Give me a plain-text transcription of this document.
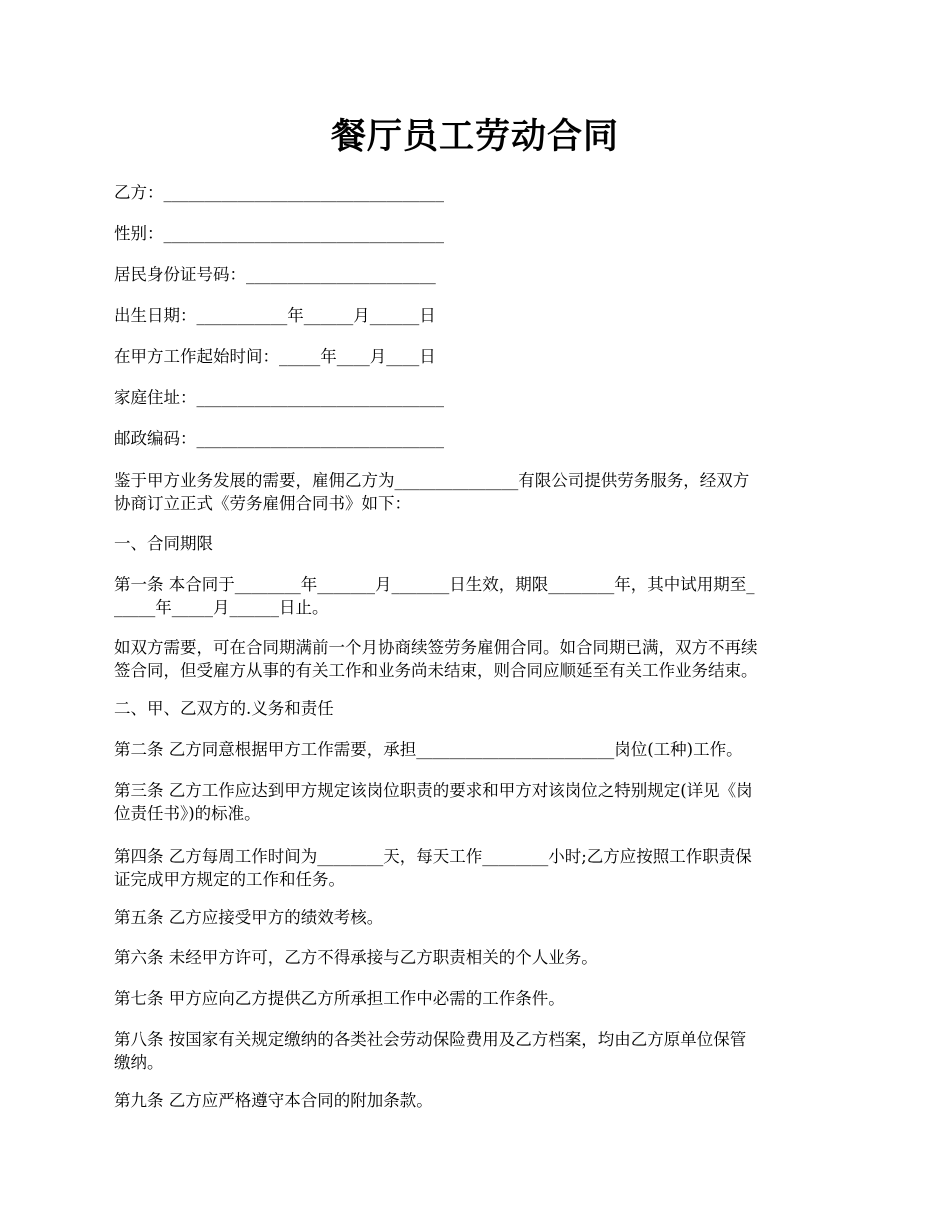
餐厅员工劳动合同
乙方：__________________________________
性别：__________________________________
居民身份证号码：_______________________
出生日期：___________年______月______日
在甲方工作起始时间：_____年____月____日
家庭住址：______________________________
邮政编码：______________________________
鉴于甲方业务发展的需要，雇佣乙方为_______________有限公司提供劳务服务，经双方
协商订立正式《劳务雇佣合同书》如下：
一、合同期限
第一条 本合同于________年_______月_______日生效，期限________年，其中试用期至_
_____年_____月______日止。
如双方需要，可在合同期满前一个月协商续签劳务雇佣合同。如合同期已满，双方不再续
签合同，但受雇方从事的有关工作和业务尚未结束，则合同应顺延至有关工作业务结束。
二、甲、乙双方的.义务和责任
第二条 乙方同意根据甲方工作需要，承担________________________岗位(工种)工作。
第三条 乙方工作应达到甲方规定该岗位职责的要求和甲方对该岗位之特别规定(详见《岗
位责任书》)的标准。
第四条 乙方每周工作时间为________天，每天工作________小时;乙方应按照工作职责保
证完成甲方规定的工作和任务。
第五条 乙方应接受甲方的绩效考核。
第六条 未经甲方许可，乙方不得承接与乙方职责相关的个人业务。
第七条 甲方应向乙方提供乙方所承担工作中必需的工作条件。
第八条 按国家有关规定缴纳的各类社会劳动保险费用及乙方档案，均由乙方原单位保管
缴纳。
第九条 乙方应严格遵守本合同的附加条款。
